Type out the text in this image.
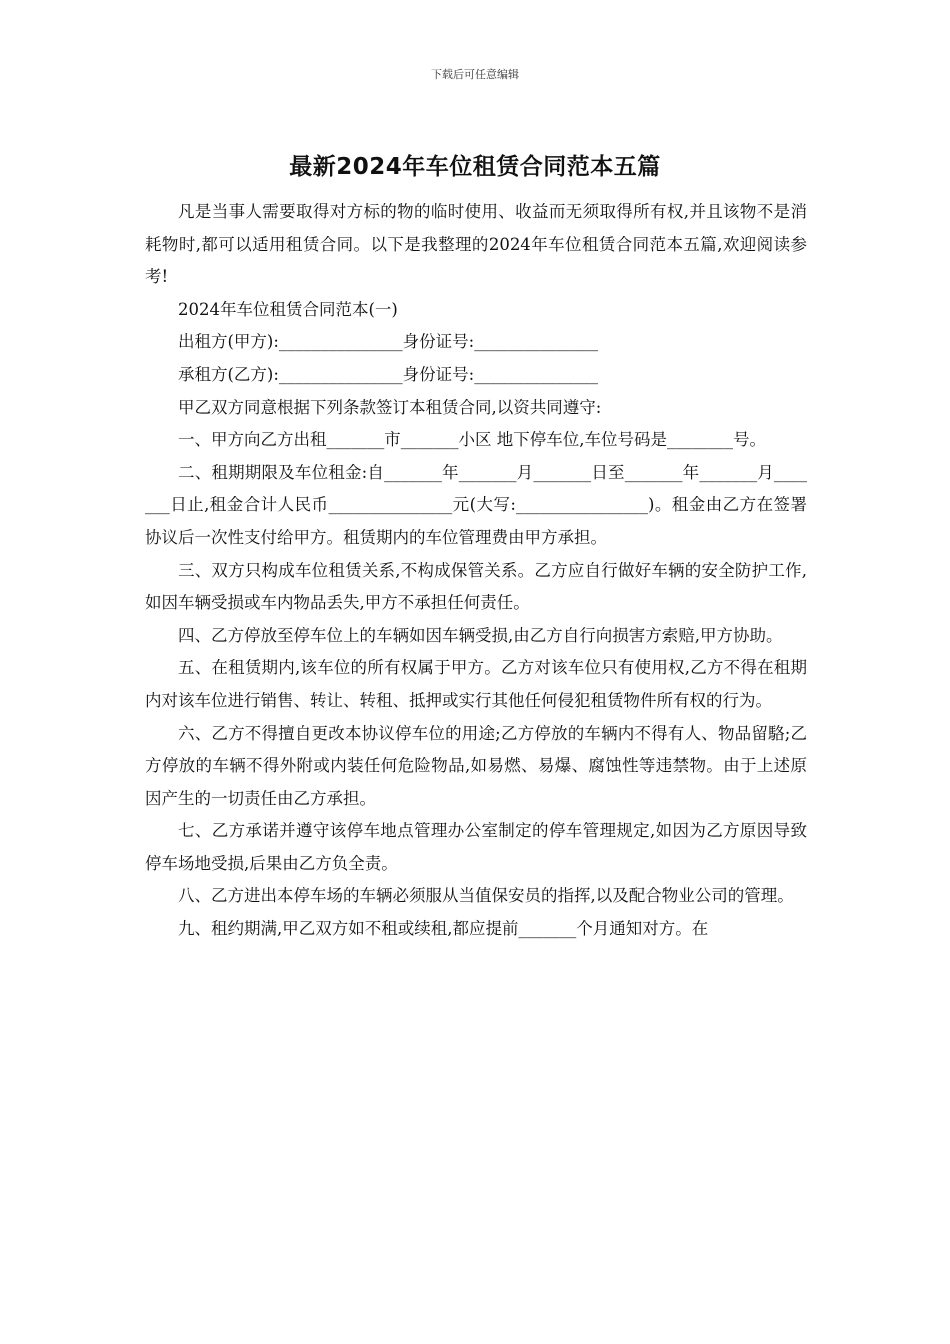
下载后可任意编辑
最新2024年车位租赁合同范本五篇

凡是当事人需要取得对方标的物的临时使用、收益而无须取得所有权,并且该物不是消耗物时,都可以适用租赁合同。以下是我整理的2024年车位租赁合同范本五篇,欢迎阅读参考!

2024年车位租赁合同范本(一)

出租方(甲方):_______________身份证号:_______________

承租方(乙方):_______________身份证号:_______________

甲乙双方同意根据下列条款签订本租赁合同,以资共同遵守:

一、甲方向乙方出租_______市_______小区 地下停车位,车位号码是________号。

二、租期期限及车位租金:自_______年_______月_______日至_______年_______月_______日止,租金合计人民币_______________元(大写:________________)。租金由乙方在签署协议后一次性支付给甲方。租赁期内的车位管理费由甲方承担。

三、双方只构成车位租赁关系,不构成保管关系。乙方应自行做好车辆的安全防护工作,如因车辆受损或车内物品丢失,甲方不承担任何责任。

四、乙方停放至停车位上的车辆如因车辆受损,由乙方自行向损害方索赔,甲方协助。

五、在租赁期内,该车位的所有权属于甲方。乙方对该车位只有使用权,乙方不得在租期内对该车位进行销售、转让、转租、抵押或实行其他任何侵犯租赁物件所有权的行为。

六、乙方不得擅自更改本协议停车位的用途;乙方停放的车辆内不得有人、物品留駱;乙方停放的车辆不得外附或内装任何危险物品,如易燃、易爆、腐蚀性等违禁物。由于上述原因产生的一切责任由乙方承担。

七、乙方承诺并遵守该停车地点管理办公室制定的停车管理规定,如因为乙方原因导致停车场地受损,后果由乙方负全责。

八、乙方进出本停车场的车辆必须服从当值保安员的指挥,以及配合物业公司的管理。

九、租约期满,甲乙双方如不租或续租,都应提前_______个月通知对方。在
